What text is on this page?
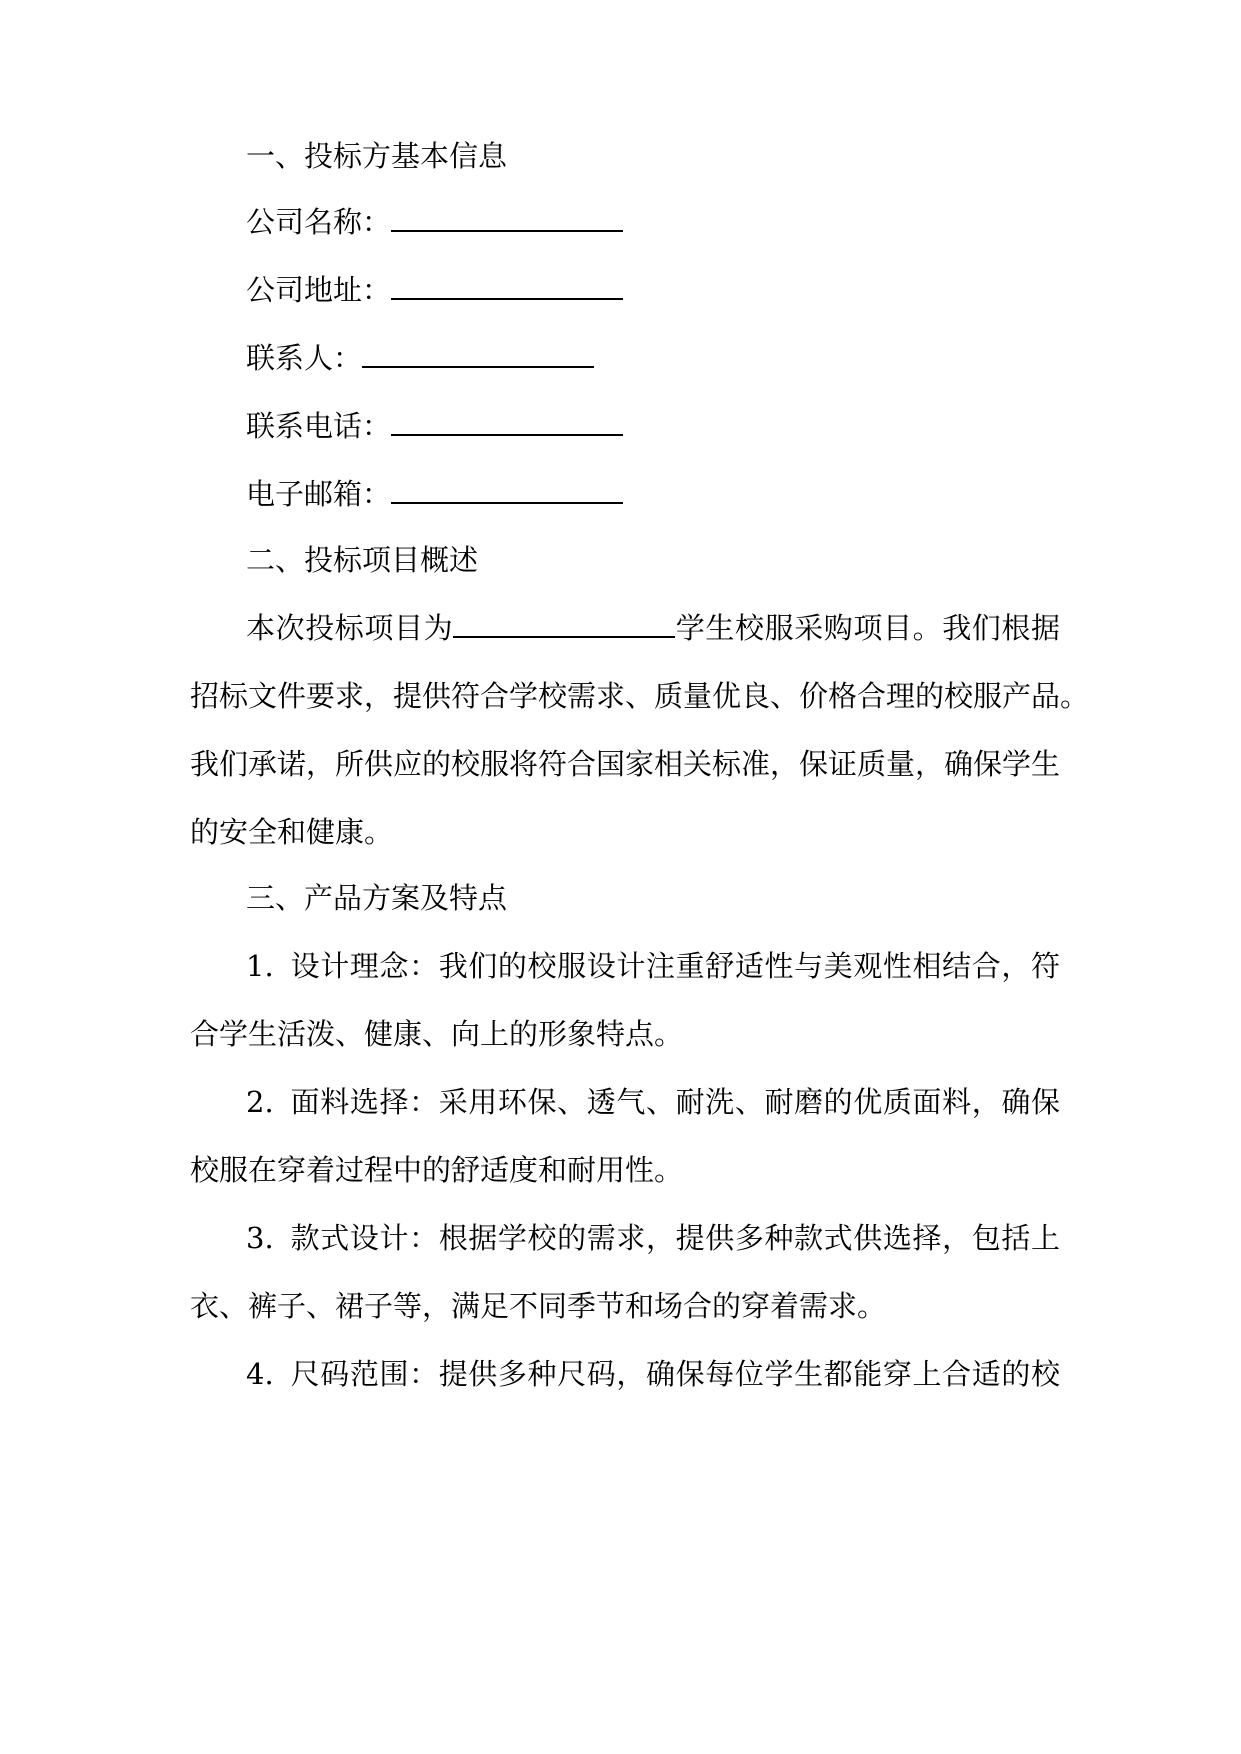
一、投标方基本信息
公司名称：
公司地址：
联系人：
联系电话：
电子邮箱：
二、投标项目概述
本次投标项目为	学生校服采购项目。我们根据
招标文件要求，提供符合学校需求、质量优良、价格合理的校服产品。
我们承诺，所供应的校服将符合国家相关标准，保证质量，确保学生
的安全和健康。
三、产品方案及特点
1. 设计理念：我们的校服设计注重舒适性与美观性相结合，符
合学生活泼、健康、向上的形象特点。
2. 面料选择：采用环保、透气、耐洗、耐磨的优质面料，确保
校服在穿着过程中的舒适度和耐用性。
3. 款式设计：根据学校的需求，提供多种款式供选择，包括上
衣、裤子、裙子等，满足不同季节和场合的穿着需求。
4. 尺码范围：提供多种尺码，确保每位学生都能穿上合适的校
